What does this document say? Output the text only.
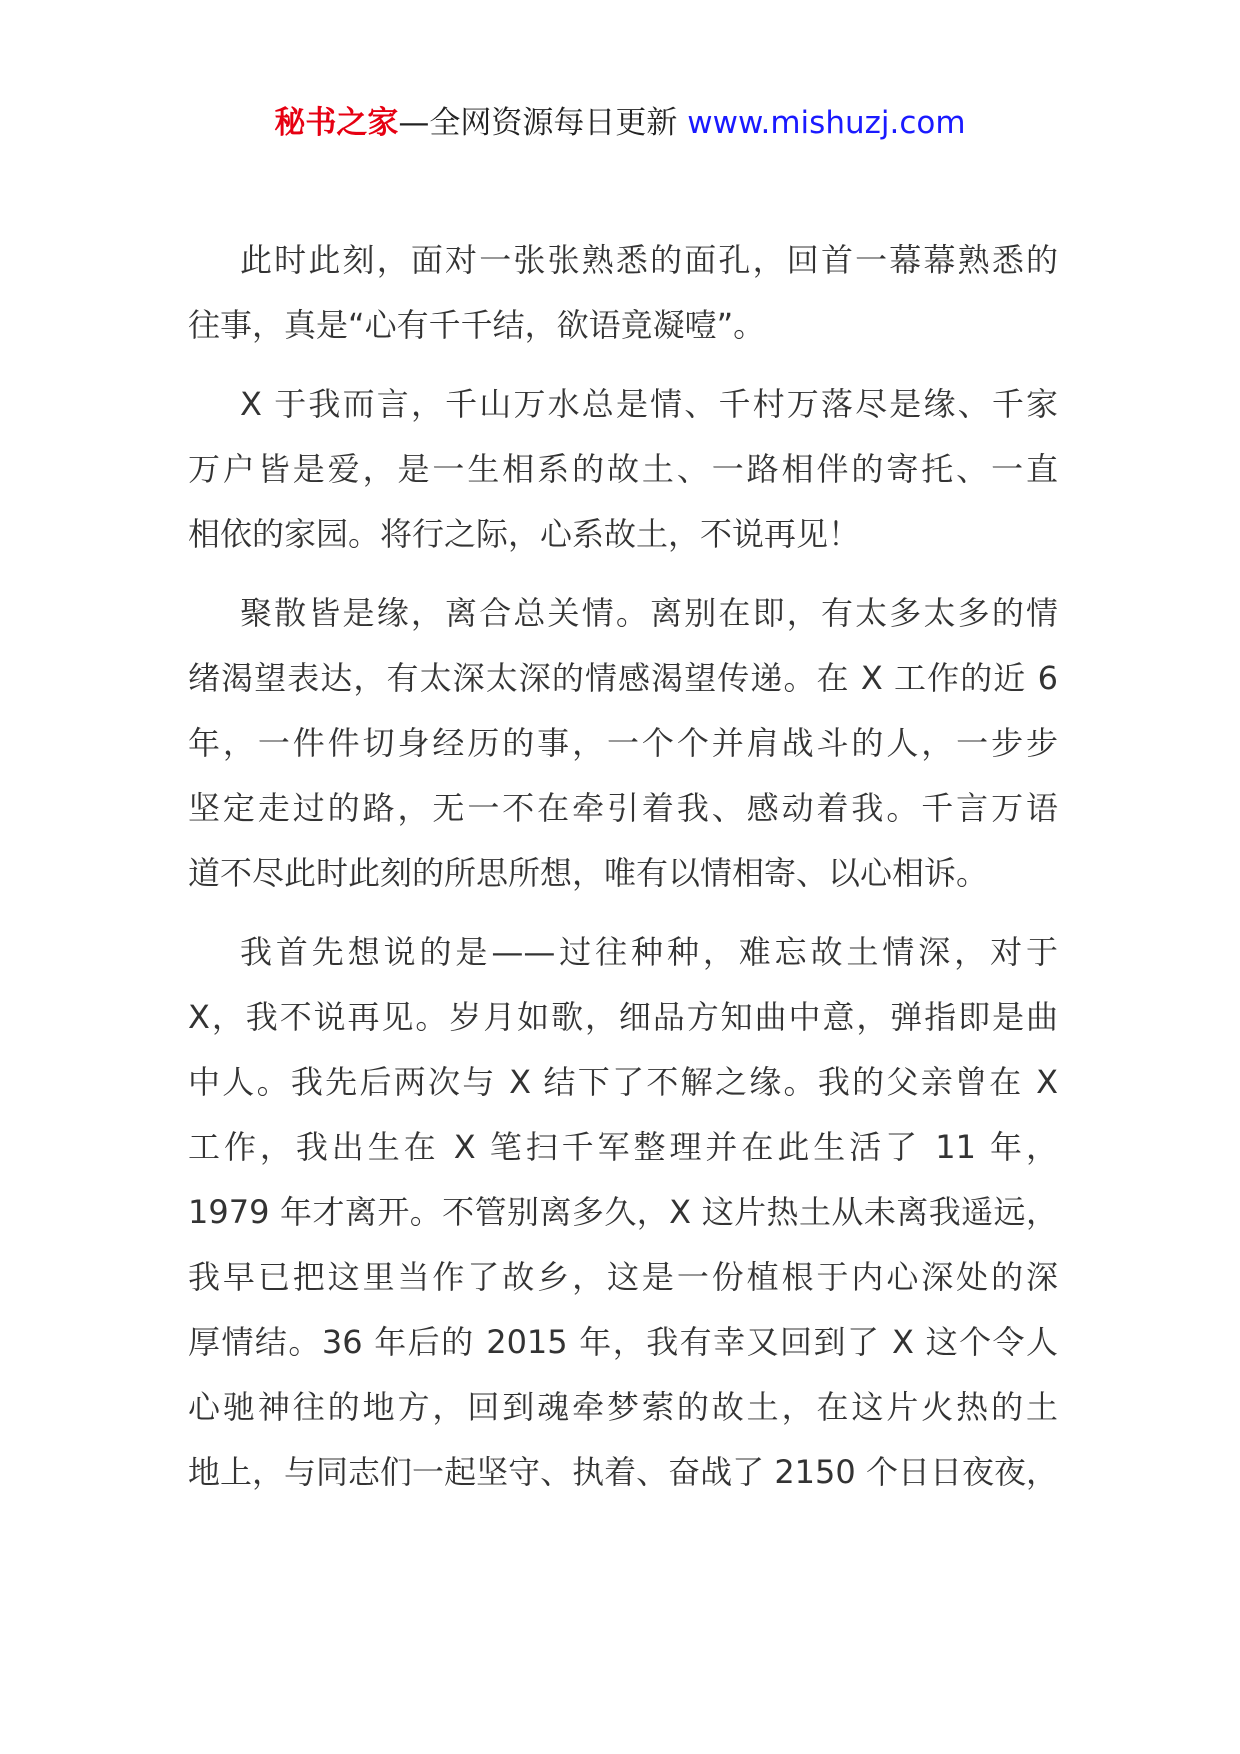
秘书之家—全网资源每日更新 www.mishuzj.com

此时此刻，面对一张张熟悉的面孔，回首一幕幕熟悉的
往事，真是“心有千千结，欲语竟凝噎”。

X 于我而言，千山万水总是情、千村万落尽是缘、千家
万户皆是爱，是一生相系的故土、一路相伴的寄托、一直
相依的家园。将行之际，心系故土，不说再见！

聚散皆是缘，离合总关情。离别在即，有太多太多的情
绪渴望表达，有太深太深的情感渴望传递。在 X 工作的近 6
年，一件件切身经历的事，一个个并肩战斗的人，一步步
坚定走过的路，无一不在牵引着我、感动着我。千言万语
道不尽此时此刻的所思所想，唯有以情相寄、以心相诉。

我首先想说的是——过往种种，难忘故土情深，对于
X，我不说再见。岁月如歌，细品方知曲中意，弹指即是曲
中人。我先后两次与 X 结下了不解之缘。我的父亲曾在 X
工作，我出生在 X 笔扫千军整理并在此生活了 11 年，
1979 年才离开。不管别离多久，X 这片热土从未离我遥远，
我早已把这里当作了故乡，这是一份植根于内心深处的深
厚情结。36 年后的 2015 年，我有幸又回到了 X 这个令人
心驰神往的地方，回到魂牵梦萦的故土，在这片火热的土
地上，与同志们一起坚守、执着、奋战了 2150 个日日夜夜，
